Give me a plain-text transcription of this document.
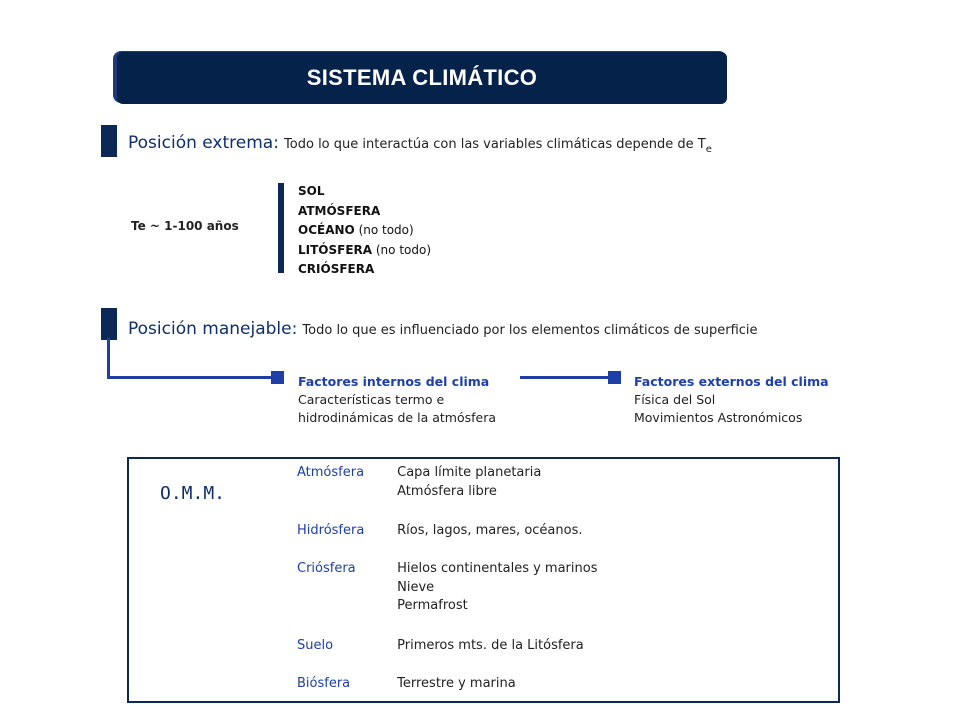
SISTEMA CLIMÁTICO
Posición extrema: Todo lo que interactúa con las variables climáticas depende de $T_e$
Te ~ 1-100 años
SOL
ATMÓSFERA
OCÉANO (no todo)
LITÓSFERA (no todo)
CRIÓSFERA
Posición manejable: Todo lo que es influenciado por los elementos climáticos de superficie
Factores internos del clima
Características termo e
hidrodinámicas de la atmósfera
Factores externos del clima
Física del Sol
Movimientos Astronómicos
O.M.M.
Atmósfera	Capa límite planetaria
Atmósfera libre
Hidrósfera	Ríos, lagos, mares, océanos.
Criósfera	Hielos continentales y marinos
Nieve
Permafrost
Suelo	Primeros mts. de la Litósfera
Biósfera	Terrestre y marina
